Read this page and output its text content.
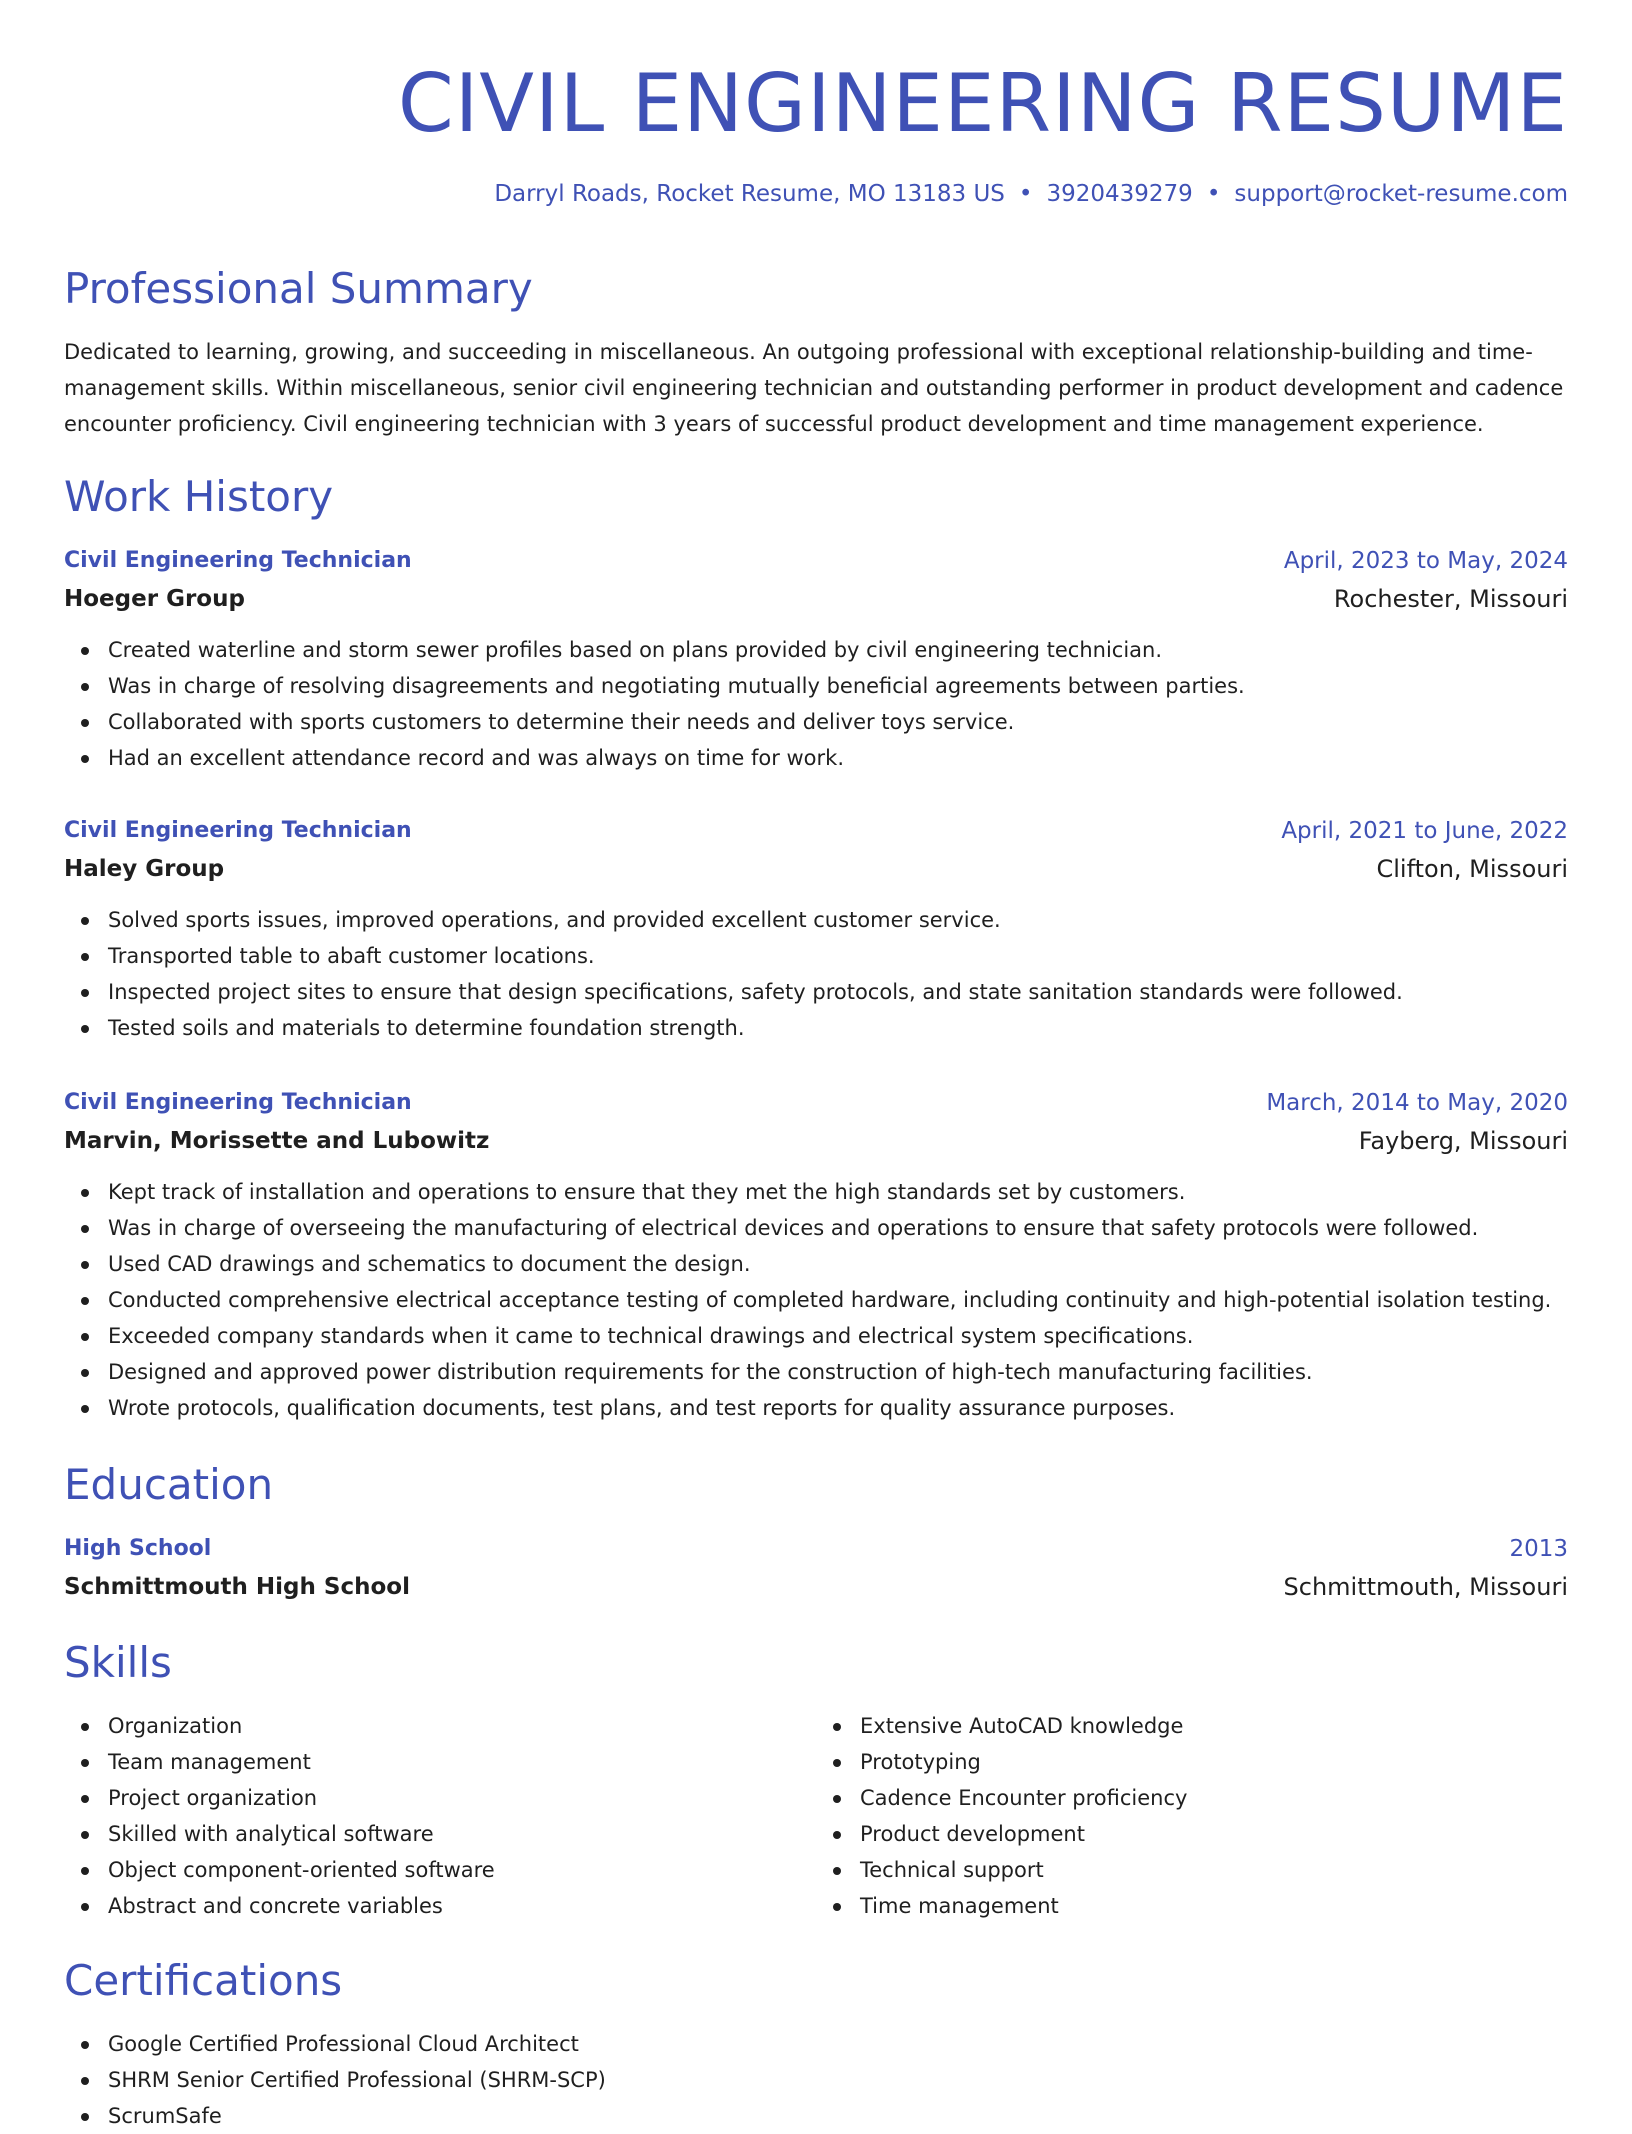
CIVIL ENGINEERING RESUME
Darryl Roads, Rocket Resume, MO 13183 US • 3920439279 • support@rocket-resume.com
Professional Summary

Dedicated to learning, growing, and succeeding in miscellaneous. An outgoing professional with exceptional relationship-building and time-management skills. Within miscellaneous, senior civil engineering technician and outstanding performer in product development and cadence encounter proficiency. Civil engineering technician with 3 years of successful product development and time management experience.

Work History
Civil Engineering Technician	April, 2023 to May, 2024
Hoeger Group	Rochester, Missouri
Created waterline and storm sewer profiles based on plans provided by civil engineering technician.
Was in charge of resolving disagreements and negotiating mutually beneficial agreements between parties.
Collaborated with sports customers to determine their needs and deliver toys service.
Had an excellent attendance record and was always on time for work.
Civil Engineering Technician	April, 2021 to June, 2022
Haley Group	Clifton, Missouri
Solved sports issues, improved operations, and provided excellent customer service.
Transported table to abaft customer locations.
Inspected project sites to ensure that design specifications, safety protocols, and state sanitation standards were followed.
Tested soils and materials to determine foundation strength.
Civil Engineering Technician	March, 2014 to May, 2020
Marvin, Morissette and Lubowitz	Fayberg, Missouri
Kept track of installation and operations to ensure that they met the high standards set by customers.
Was in charge of overseeing the manufacturing of electrical devices and operations to ensure that safety protocols were followed.
Used CAD drawings and schematics to document the design.
Conducted comprehensive electrical acceptance testing of completed hardware, including continuity and high-potential isolation testing.
Exceeded company standards when it came to technical drawings and electrical system specifications.
Designed and approved power distribution requirements for the construction of high-tech manufacturing facilities.
Wrote protocols, qualification documents, test plans, and test reports for quality assurance purposes.
Education
High School	2013
Schmittmouth High School	Schmittmouth, Missouri
Skills
Organization
Team management
Project organization
Skilled with analytical software
Object component-oriented software
Abstract and concrete variables
Extensive AutoCAD knowledge
Prototyping
Cadence Encounter proficiency
Product development
Technical support
Time management
Certifications
Google Certified Professional Cloud Architect
SHRM Senior Certified Professional (SHRM-SCP)
ScrumSafe
